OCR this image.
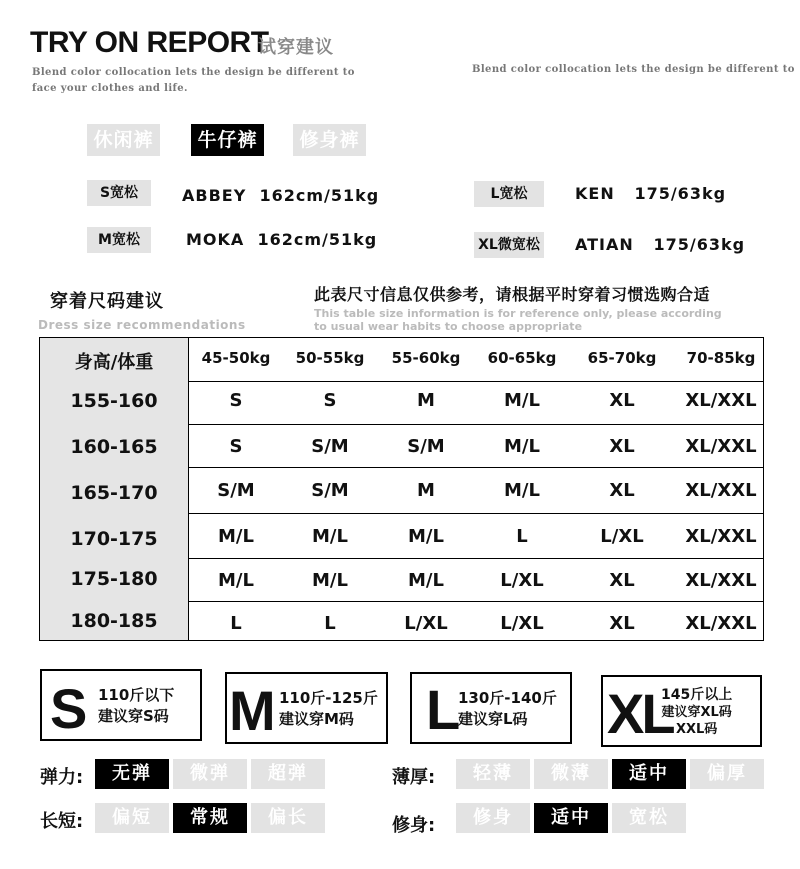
TRY ON REPORT
试穿建议
Blend color collocation lets the design be different to
face your clothes and life.
Blend color collocation lets the design be different to
休闲裤	牛仔裤	修身裤
S宽松	ABBEY 162cm/51kg
M宽松	MOKA 162cm/51kg
L宽松	KEN 175/63kg
XL微宽松 ATIAN 175/63kg
穿着尺码建议
Dress size recommendations
此表尺寸信息仅供参考，请根据平时穿着习惯选购合适
This table size information is for reference only, please according
to usual wear habits to choose appropriate
身高/体重	45-50kg	50-55kg	55-60kg	60-65kg	65-70kg	70-85kg
155-160	S	S	M	M/L	XL	XL/XXL
160-165	S	S/M	S/M	M/L	XL	XL/XXL
165-170	S/M	S/M	M	M/L	XL	XL/XXL
170-175	M/L	M/L	M/L	L	L/XL	XL/XXL
175-180	M/L	M/L	M/L	L/XL	XL	XL/XXL
180-185	L	L	L/XL	L/XL	XL	XL/XXL
S 110斤以下
建议穿S码 M 110斤-125斤
建议穿M码	L
130斤-140斤
建议穿L码	XL
145斤以上
建议穿XL码
XXL码
弹力:	无弹	微弹	超弹	薄厚:	轻薄	微薄	适中	偏厚
长短:	偏短	常规	偏长	修身:	修身	适中	宽松
